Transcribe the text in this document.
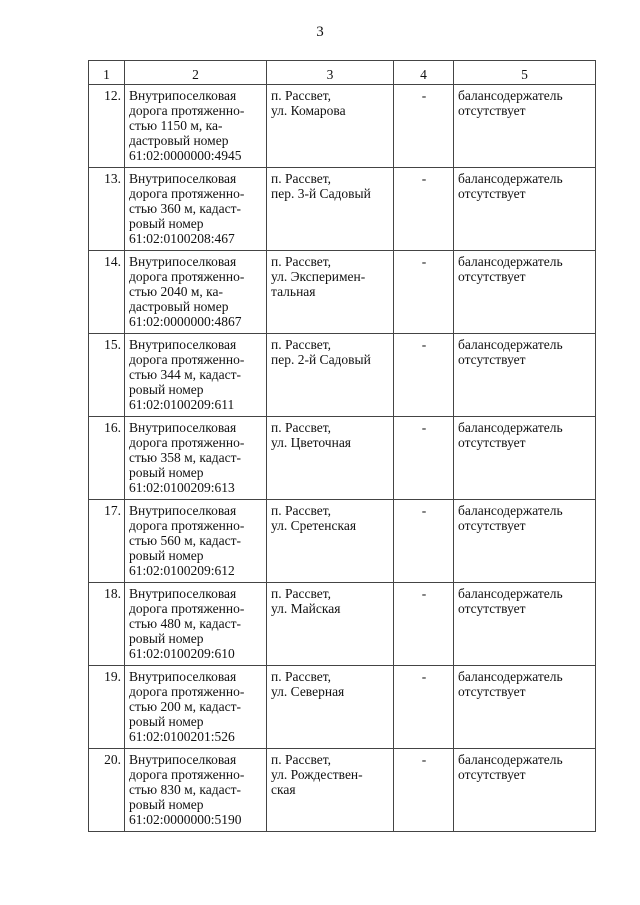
3
1	2	3	4	5
12.	Внутрипоселковая
дорога протяженно-
стью 1150 м, ка-
дастровый номер
61:02:0000000:4945	п. Рассвет,
ул. Комарова	-	балансодержатель
отсутствует

13.	Внутрипоселковая
дорога протяженно-
стью 360 м, кадаст-
ровый номер
61:02:0100208:467	п. Рассвет,
пер. 3-й Садовый	-	балансодержатель
отсутствует

14.	Внутрипоселковая
дорога протяженно-
стью 2040 м, ка-
дастровый номер
61:02:0000000:4867	п. Рассвет,
ул. Эксперимен-
тальная	-	балансодержатель
отсутствует

15.	Внутрипоселковая
дорога протяженно-
стью 344 м, кадаст-
ровый номер
61:02:0100209:611	п. Рассвет,
пер. 2-й Садовый	-	балансодержатель
отсутствует

16.	Внутрипоселковая
дорога протяженно-
стью 358 м, кадаст-
ровый номер
61:02:0100209:613	п. Рассвет,
ул. Цветочная	-	балансодержатель
отсутствует

17.	Внутрипоселковая
дорога протяженно-
стью 560 м, кадаст-
ровый номер
61:02:0100209:612	п. Рассвет,
ул. Сретенская	-	балансодержатель
отсутствует

18.	Внутрипоселковая
дорога протяженно-
стью 480 м, кадаст-
ровый номер
61:02:0100209:610	п. Рассвет,
ул. Майская	-	балансодержатель
отсутствует

19.	Внутрипоселковая
дорога протяженно-
стью 200 м, кадаст-
ровый номер
61:02:0100201:526	п. Рассвет,
ул. Северная	-	балансодержатель
отсутствует

20.	Внутрипоселковая
дорога протяженно-
стью 830 м, кадаст-
ровый номер
61:02:0000000:5190	п. Рассвет,
ул. Рождествен-
ская	-	балансодержатель
отсутствует
